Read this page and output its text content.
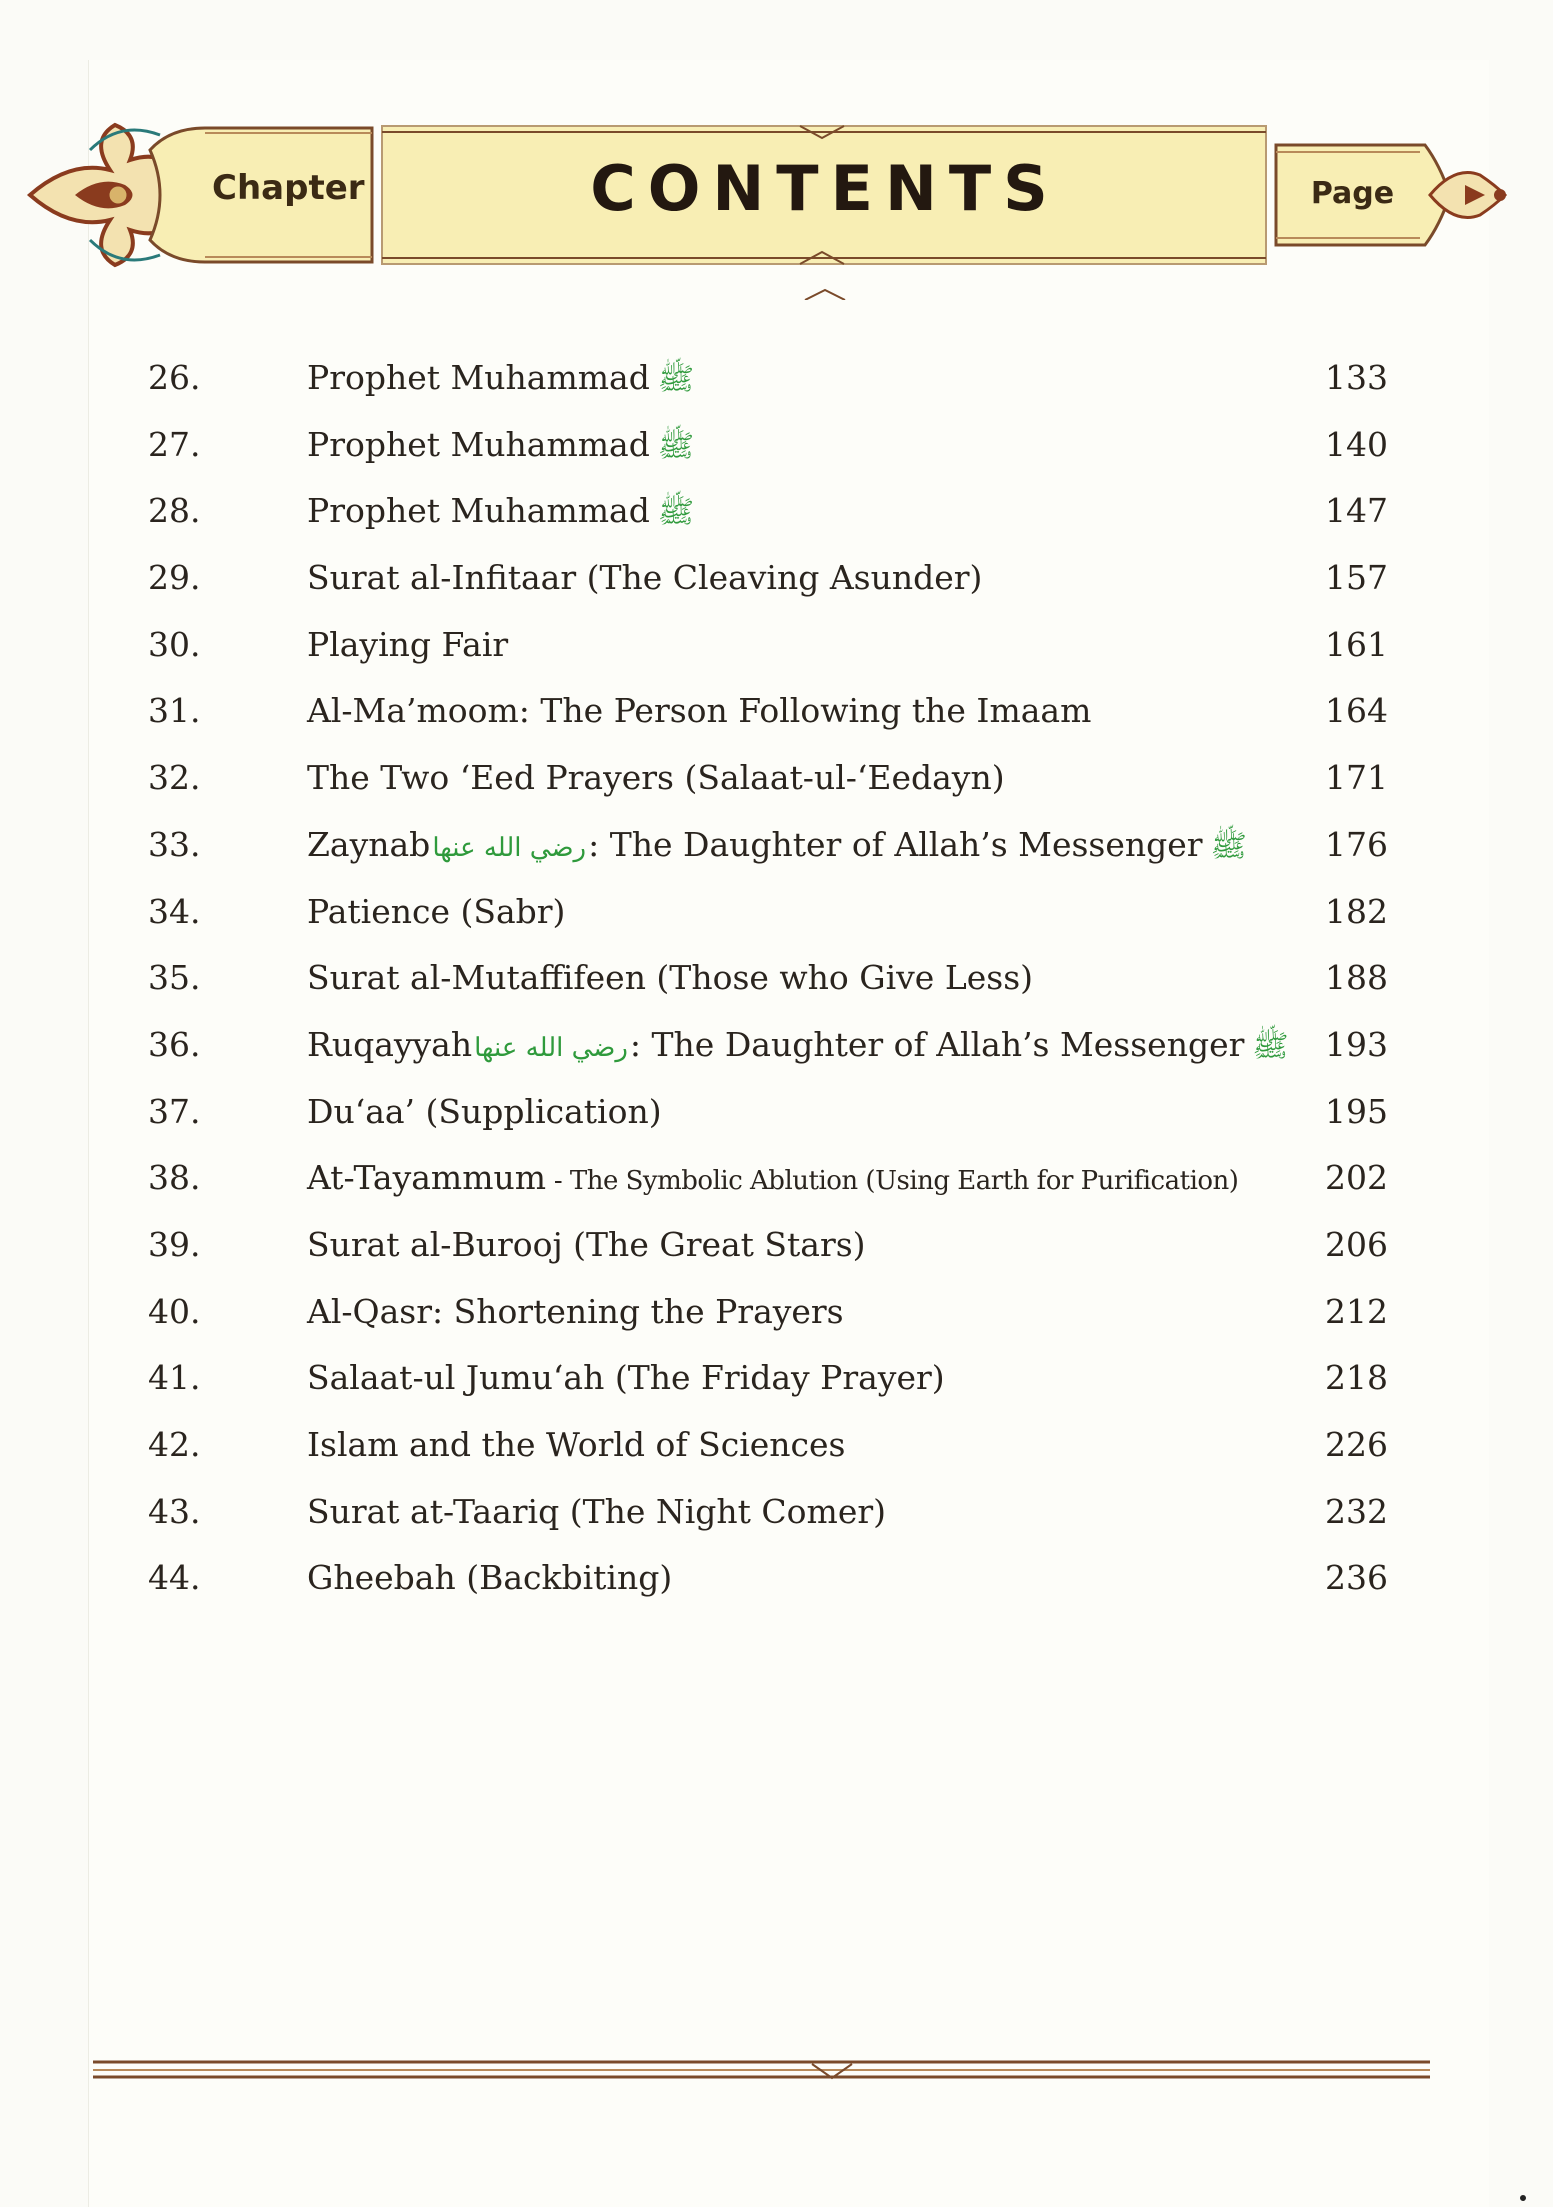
Chapter	CONTENTS	Page
26.	Prophet Muhammad ﷺ	133
27.	Prophet Muhammad ﷺ	140
28.	Prophet Muhammad ﷺ	147
29.	Surat al-Infitaar (The Cleaving Asunder)	157
30.	Playing Fair	161
31.	Al-Ma’moom: The Person Following the Imaam	164
32.	The Two ‘Eed Prayers (Salaat-ul-‘Eedayn)	171
33.	Zaynabرضي الله عنها: The Daughter of Allah’s Messenger ﷺ	176
34.	Patience (Sabr)	182
35.	Surat al-Mutaffifeen (Those who Give Less)	188
36.	Ruqayyahرضي الله عنها: The Daughter of Allah’s Messenger ﷺ	193
37.	Du‘aa’ (Supplication)	195
38.	At-Tayammum - The Symbolic Ablution (Using Earth for Purification)	202
39.	Surat al-Burooj (The Great Stars)	206
40.	Al-Qasr: Shortening the Prayers	212
41.	Salaat-ul Jumu‘ah (The Friday Prayer)	218
42.	Islam and the World of Sciences	226
43.	Surat at-Taariq (The Night Comer)	232
44.	Gheebah (Backbiting)	236
